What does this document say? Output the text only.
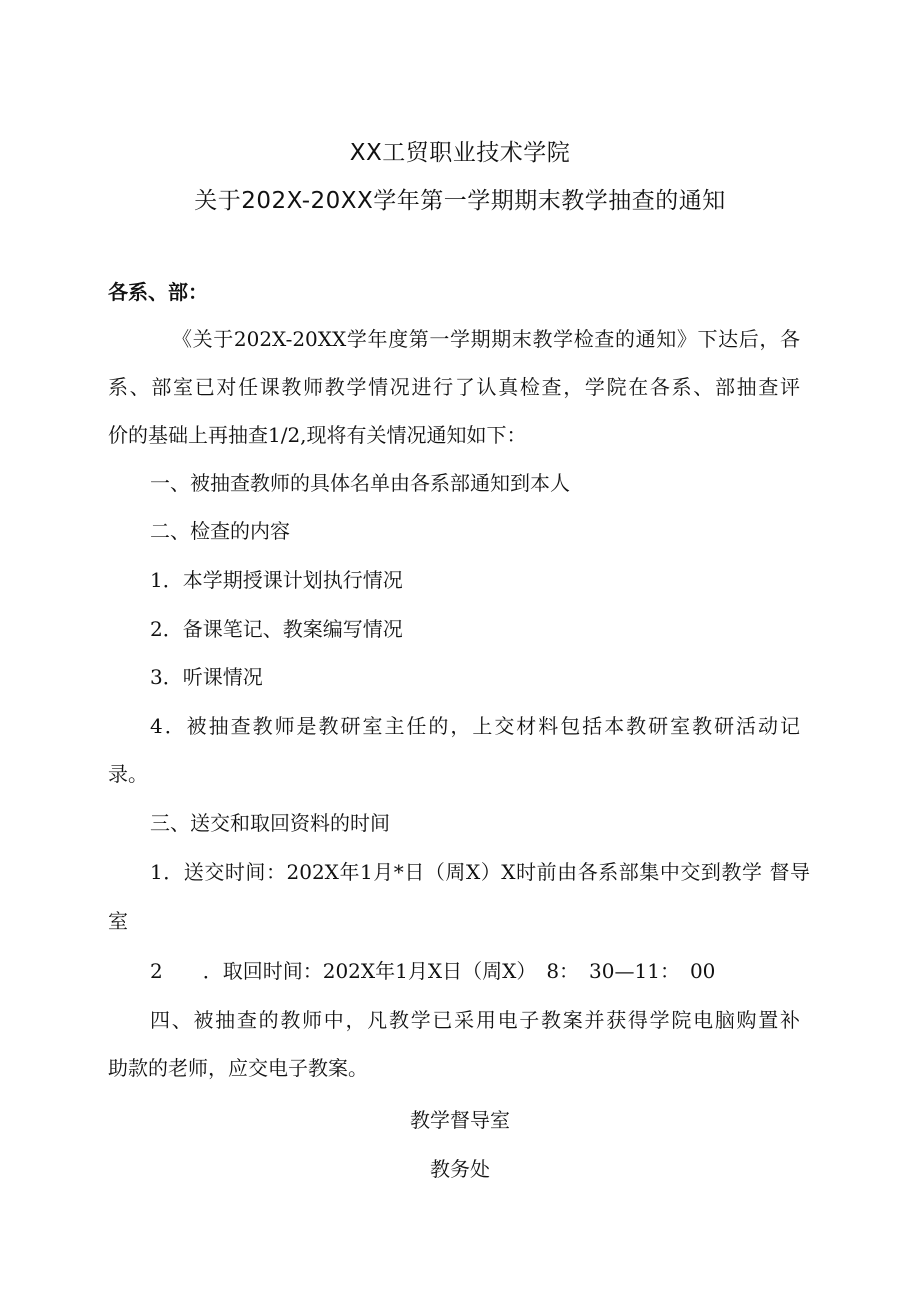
XX工贸职业技术学院
关于202X-20XX学年第一学期期末教学抽查的通知
各系、部：
《关于202X-20XX学年度第一学期期末教学检查的通知》下达后，各
系、部室已对任课教师教学情况进行了认真检查，学院在各系、部抽查评
价的基础上再抽查1/2,现将有关情况通知如下：
一、被抽查教师的具体名单由各系部通知到本人
二、检查的内容
1．本学期授课计划执行情况
2．备课笔记、教案编写情况
3．听课情况
4．被抽查教师是教研室主任的，上交材料包括本教研室教研活动记
录。
三、送交和取回资料的时间
1．送交时间：202X年1月*日（周X）X时前由各系部集中交到教学 督导
室
2　　．取回时间：202X年1月X日（周X）　8：　30—11：　00
四、被抽查的教师中，凡教学已采用电子教案并获得学院电脑购置补
助款的老师，应交电子教案。
教学督导室
教务处
